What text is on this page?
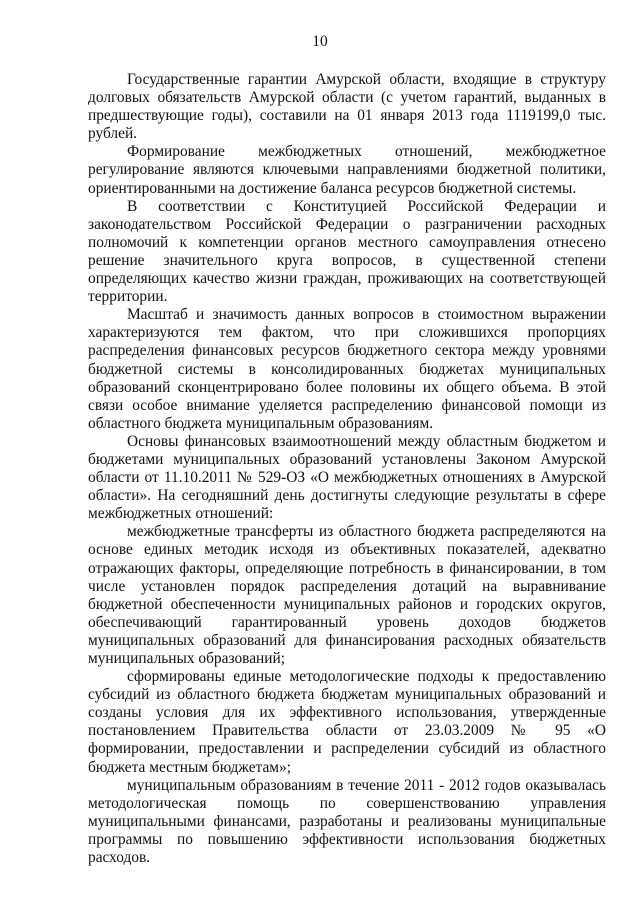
10

Государственные гарантии Амурской области, входящие в структуру долговых обязательств Амурской области (с учетом гарантий, выданных в предшествующие годы), составили на 01 января 2013 года 1119199,0 тыс. рублей.

Формирование межбюджетных отношений, межбюджетное регулирование являются ключевыми направлениями бюджетной политики, ориентированными на достижение баланса ресурсов бюджетной системы.

В соответствии с Конституцией Российской Федерации и законодательством Российской Федерации о разграничении расходных полномочий к компетенции органов местного самоуправления отнесено решение значительного круга вопросов, в существенной степени определяющих качество жизни граждан, проживающих на соответствующей территории.

Масштаб и значимость данных вопросов в стоимостном выражении характеризуются тем фактом, что при сложившихся пропорциях распределения финансовых ресурсов бюджетного сектора между уровнями бюджетной системы в консолидированных бюджетах муниципальных образований сконцентрировано более половины их общего объема. В этой связи особое внимание уделяется распределению финансовой помощи из областного бюджета муниципальным образованиям.

Основы финансовых взаимоотношений между областным бюджетом и бюджетами муниципальных образований установлены Законом Амурской области от 11.10.2011 № 529-ОЗ «О межбюджетных отношениях в Амурской области». На сегодняшний день достигнуты следующие результаты в сфере межбюджетных отношений:

межбюджетные трансферты из областного бюджета распределяются на основе единых методик исходя из объективных показателей, адекватно отражающих факторы, определяющие потребность в финансировании, в том числе установлен порядок распределения дотаций на выравнивание бюджетной обеспеченности муниципальных районов и городских округов, обеспечивающий гарантированный уровень доходов бюджетов муниципальных образований для финансирования расходных обязательств муниципальных образований;

сформированы единые методологические подходы к предоставлению субсидий из областного бюджета бюджетам муниципальных образований и созданы условия для их эффективного использования, утвержденные постановлением Правительства области от 23.03.2009 № 95 «О формировании, предоставлении и распределении субсидий из областного бюджета местным бюджетам»;

муниципальным образованиям в течение 2011 - 2012 годов оказывалась методологическая помощь по совершенствованию управления муниципальными финансами, разработаны и реализованы муниципальные программы по повышению эффективности использования бюджетных расходов.
